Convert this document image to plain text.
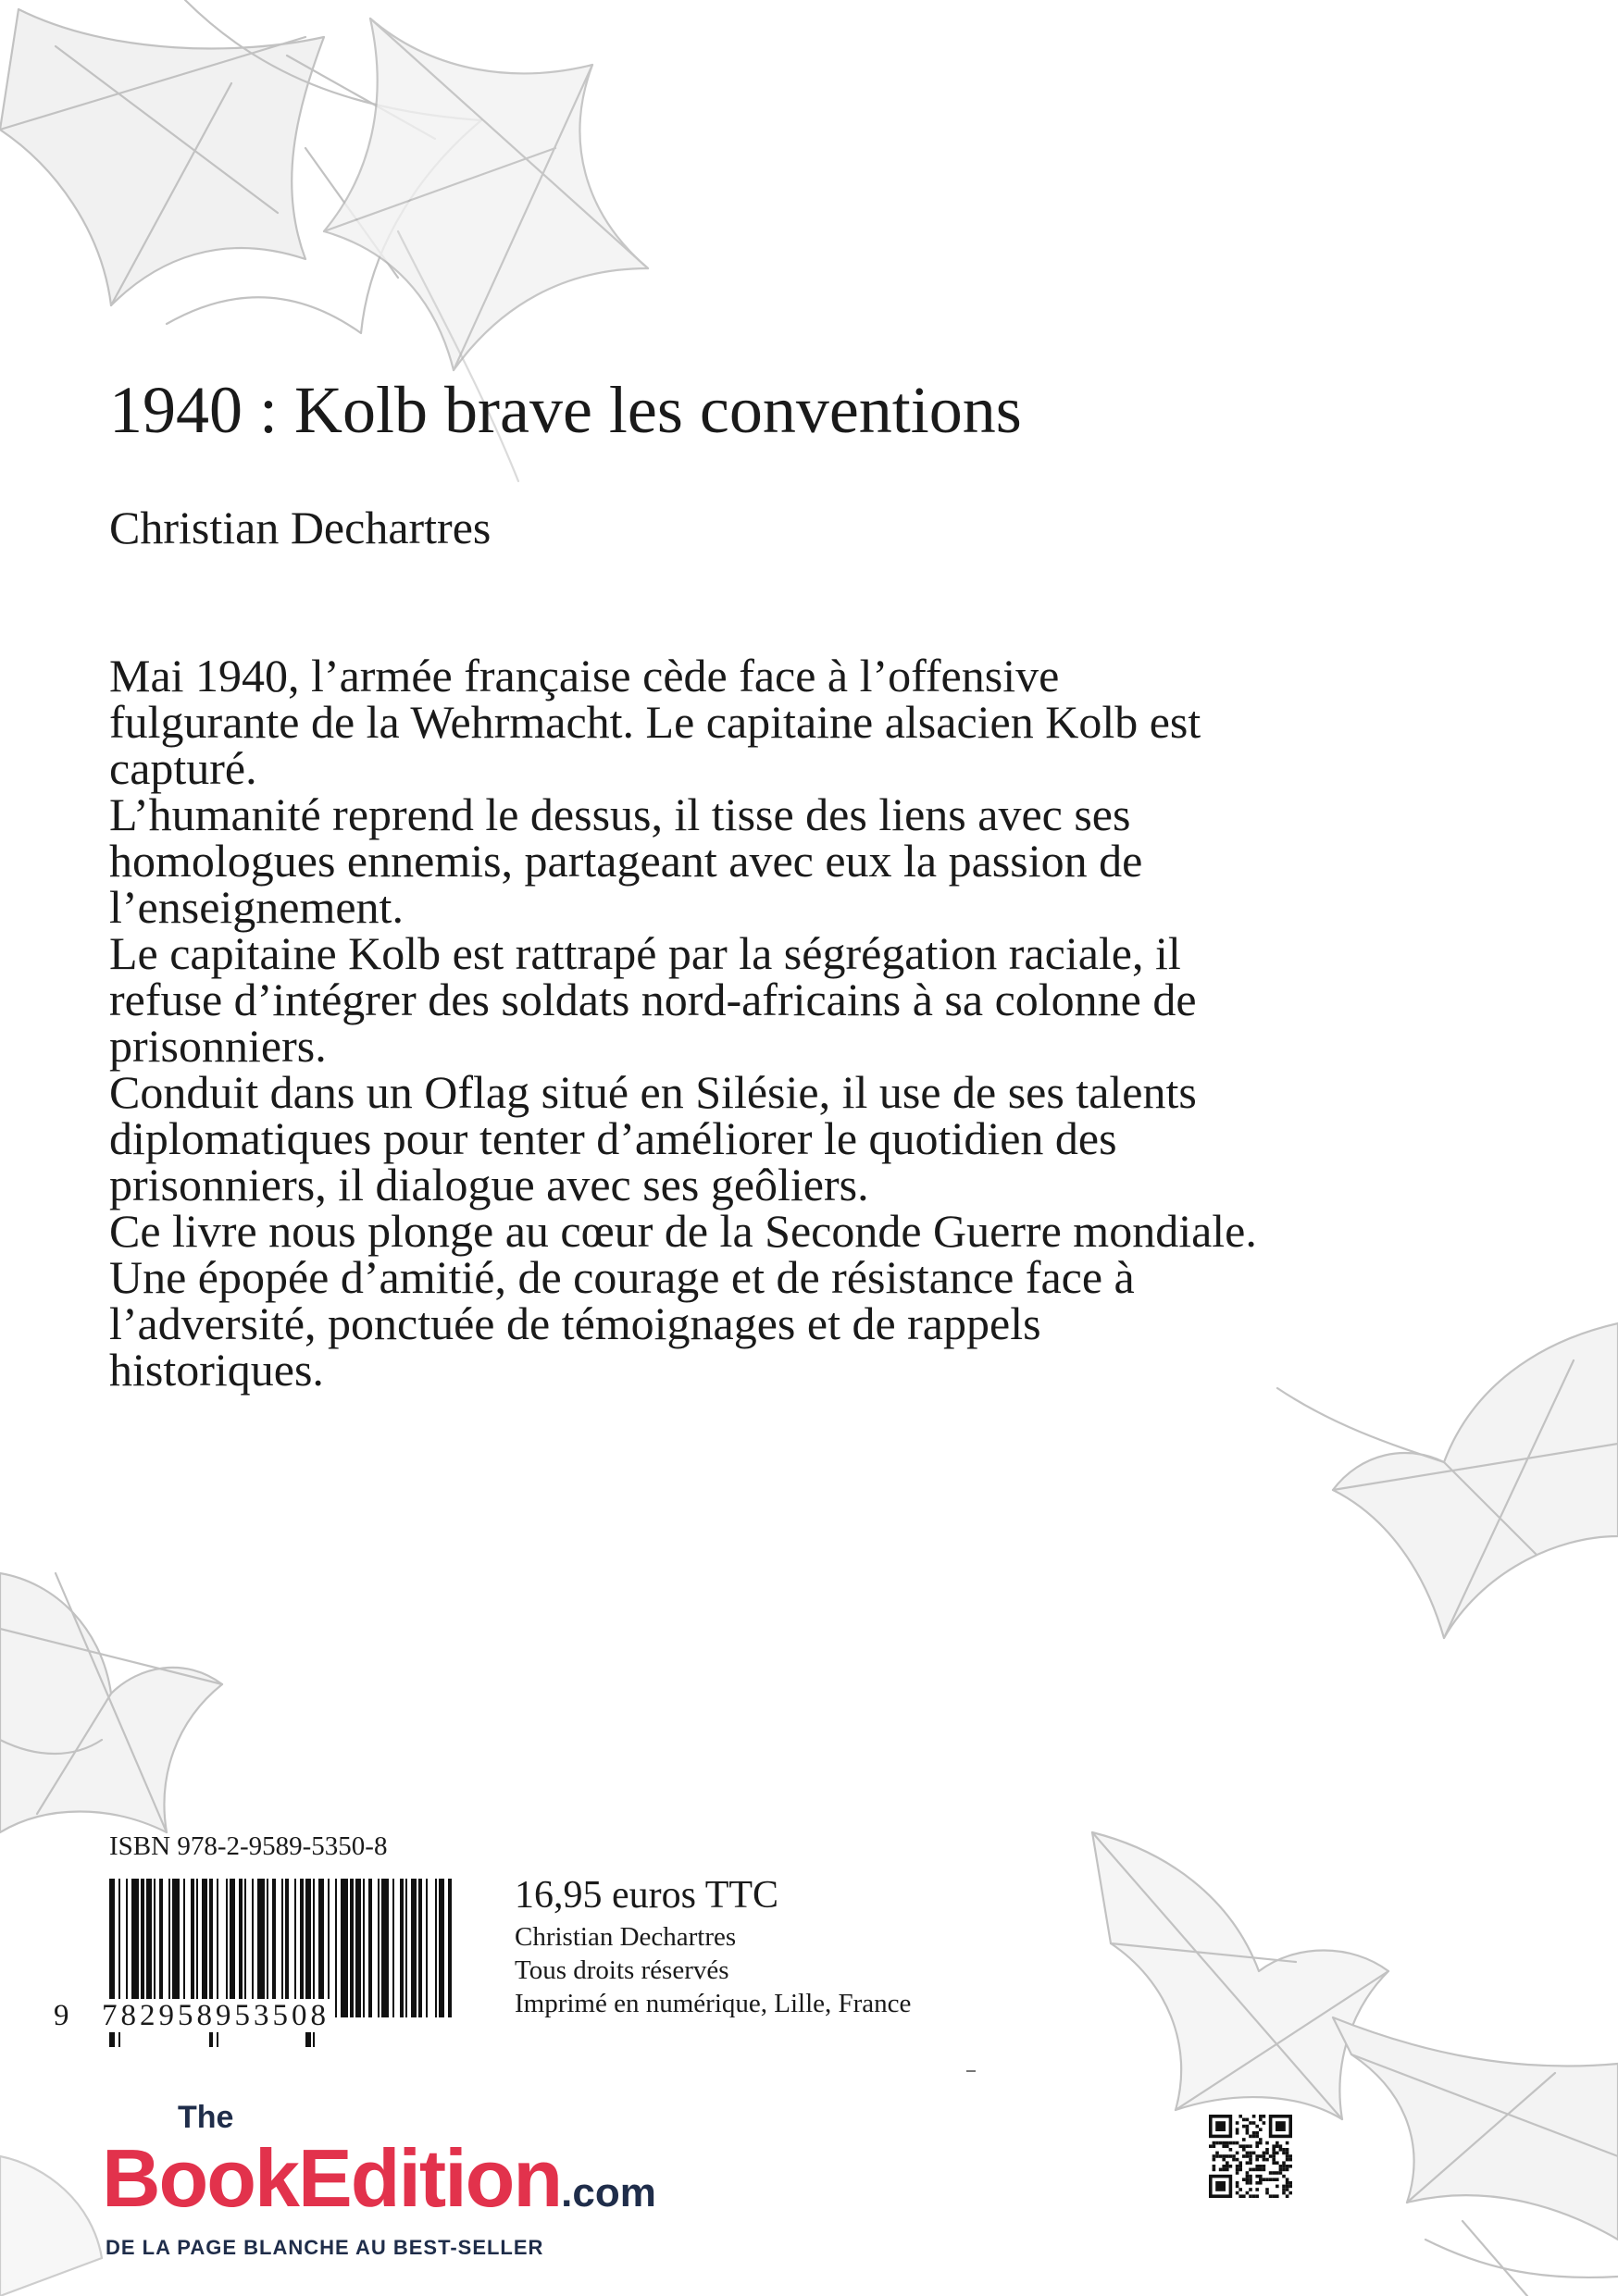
1940 : Kolb brave les conventions
Christian Dechartres

Mai 1940, l’armée française cède face à l’offensive fulgurante de la Wehrmacht. Le capitaine alsacien Kolb est capturé.

L’humanité reprend le dessus, il tisse des liens avec ses homologues ennemis, partageant avec eux la passion de l’enseignement.

Le capitaine Kolb est rattrapé par la ségrégation raciale, il refuse d’intégrer des soldats nord-africains à sa colonne de prisonniers.

Conduit dans un Oflag situé en Silésie, il use de ses talents diplomatiques pour tenter d’améliorer le quotidien des prisonniers, il dialogue avec ses geôliers.

Ce livre nous plonge au cœur de la Seconde Guerre mondiale. Une épopée d’amitié, de courage et de résistance face à l’adversité, ponctuée de témoignages et de rappels historiques.

ISBN 978-2-9589-5350-8
9 782958953508
16,95 euros TTC
Christian Dechartres
Tous droits réservés
Imprimé en numérique, Lille, France
The
BookEdition.com
DE LA PAGE BLANCHE AU BEST-SELLER
